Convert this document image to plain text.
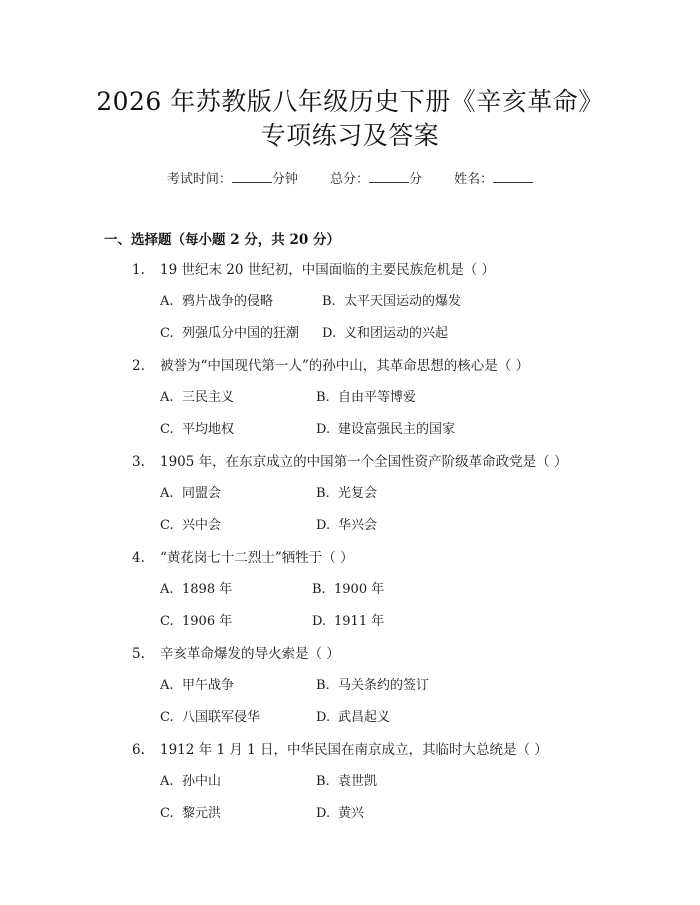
2026 年苏教版八年级历史下册《辛亥革命》
专项练习及答案
考试时间：	分钟 总分：	分 姓名：
一、选择题（每小题 2 分，共 20 分）
1. 19 世纪末 20 世纪初，中国面临的主要民族危机是（ ）
A. 鸦片战争的侵略	B. 太平天国运动的爆发
C. 列强瓜分中国的狂潮 D. 义和团运动的兴起
2. 被誉为“中国现代第一人”的孙中山，其革命思想的核心是（ ）
A. 三民主义	B. 自由平等博爱
C. 平均地权	D. 建设富强民主的国家
3. 1905 年，在东京成立的中国第一个全国性资产阶级革命政党是（ ）
A. 同盟会	B. 光复会
C. 兴中会	D. 华兴会
4. “黄花岗七十二烈士”牺牲于（ ）
A. 1898 年	B. 1900 年
C. 1906 年	D. 1911 年
5. 辛亥革命爆发的导火索是（ ）
A. 甲午战争	B. 马关条约的签订
C. 八国联军侵华	D. 武昌起义
6. 1912 年 1 月 1 日，中华民国在南京成立，其临时大总统是（ ）
A. 孙中山	B. 袁世凯
C. 黎元洪	D. 黄兴
